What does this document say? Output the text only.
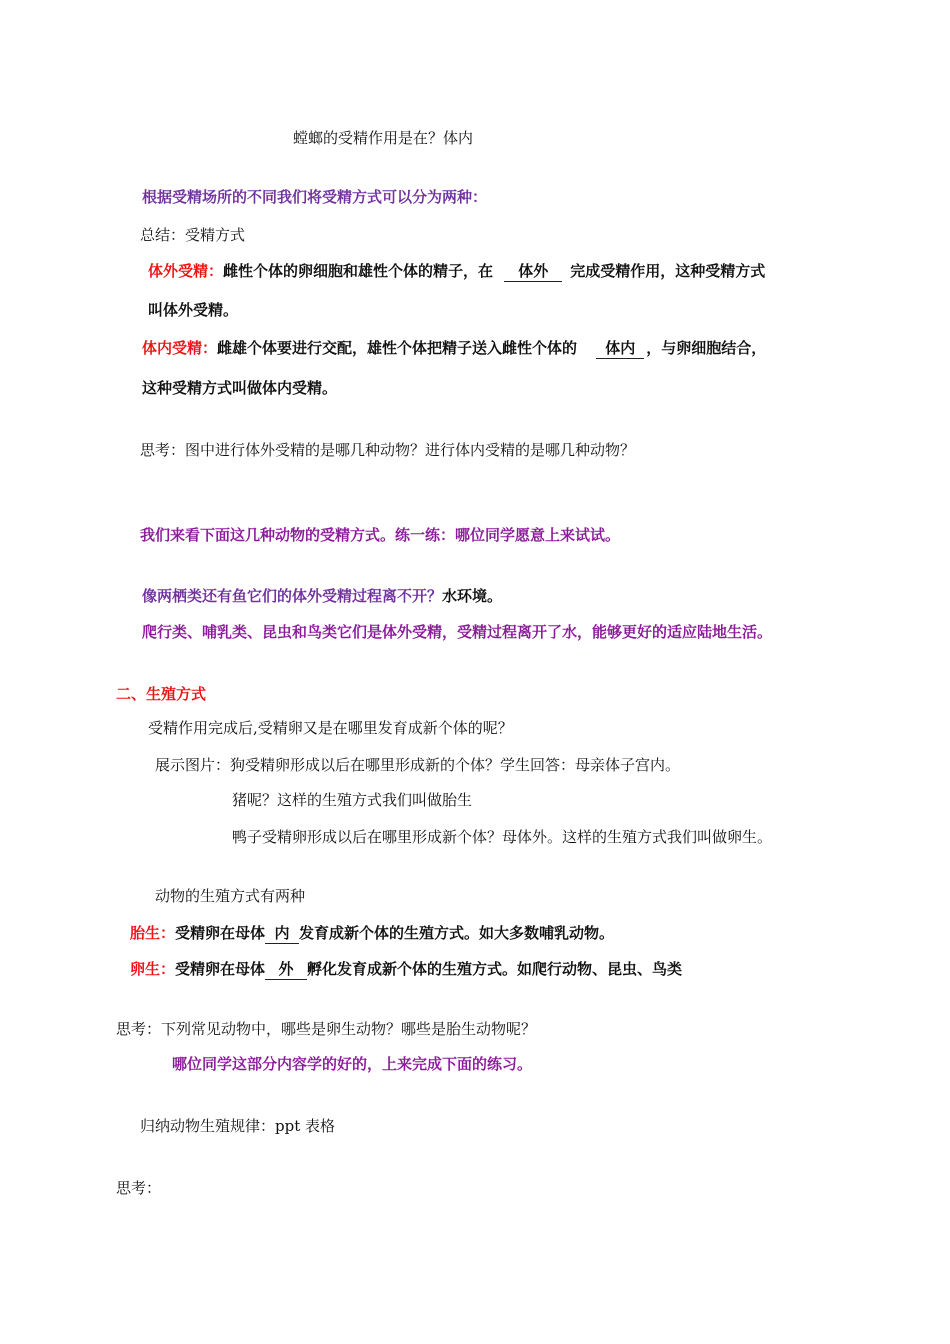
螳螂的受精作用是在？体内
根据受精场所的不同我们将受精方式可以分为两种：
总结：受精方式
体外受精：雌性个体的卵细胞和雄性个体的精子，在 体外 完成受精作用，这种受精方式
叫体外受精。
体内受精：雌雄个体要进行交配，雄性个体把精子送入雌性个体的 体内 ，与卵细胞结合，
这种受精方式叫做体内受精。
思考：图中进行体外受精的是哪几种动物？进行体内受精的是哪几种动物？
我们来看下面这几种动物的受精方式。练一练：哪位同学愿意上来试试。
像两栖类还有鱼它们的体外受精过程离不开？水环境。
爬行类、哺乳类、昆虫和鸟类它们是体外受精，受精过程离开了水，能够更好的适应陆地生活。
二、生殖方式
受精作用完成后,受精卵又是在哪里发育成新个体的呢？
展示图片：狗受精卵形成以后在哪里形成新的个体？学生回答：母亲体子宫内。
猪呢？这样的生殖方式我们叫做胎生
鸭子受精卵形成以后在哪里形成新个体？母体外。这样的生殖方式我们叫做卵生。
动物的生殖方式有两种
胎生：受精卵在母体 内 发育成新个体的生殖方式。如大多数哺乳动物。
卵生：受精卵在母体 外 孵化发育成新个体的生殖方式。如爬行动物、昆虫、鸟类
思考：下列常见动物中，哪些是卵生动物？哪些是胎生动物呢？
哪位同学这部分内容学的好的，上来完成下面的练习。
归纳动物生殖规律：ppt 表格
思考：
